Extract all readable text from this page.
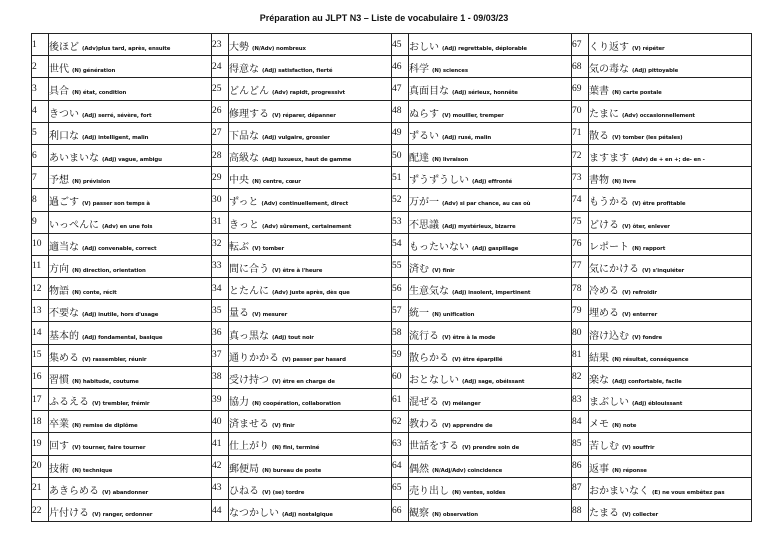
Préparation au JLPT N3 – Liste de vocabulaire 1 - 09/03/23
1	後ほど (Adv)plus tard, après, ensuite	23	大勢 (N/Adv) nombreux	45	おしい (Adj) regrettable, déplorable	67	くり返す (V) répéter
2	世代 (N) génération	24	得意な (Adj) satisfaction, fierté	46	科学 (N) sciences	68	気の毒な (Adj) pittoyable
3	具合 (N) état, condition	25	どんどん (Adv) rapidt, progressivt	47	真面目な (Adj) sérieux, honnête	69	葉書 (N) carte postale
4	きつい (Adj) serré, sévère, fort	26	修理する (V) réparer, dépanner	48	ぬらす (V) mouiller, tremper	70	たまに (Adv) occasionnellement
5	利口な (Adj) intelligent, malin	27	下品な (Adj) vulgaire, grossier	49	ずるい (Adj) rusé, malin	71	散る (V) tomber (les pétales)
6	あいまいな (Adj) vague, ambigu	28	高級な (Adj) luxueux, haut de gamme	50	配達 (N) livraison	72	ますます (Adv) de + en +; de- en -
7	予想 (N) prévision	29	中央 (N) centre, cœur	51	ずうずうしい (Adj) effronté	73	書物 (N) livre
8	過ごす (V) passer son temps à	30	ずっと (Adv) continuellement, direct	52	万が一 (Adv) si par chance, au cas où	74	もうかる (V) être profitable
9	いっぺんに (Adv) en une fois	31	きっと (Adv) sûrement, certainement	53	不思議 (Adj) mystérieux, bizarre	75	どける (V) ôter, enlever
10	適当な (Adj) convenable, correct	32	転ぶ (V) tomber	54	もったいない (Adj) gaspillage	76	レポート (N) rapport
11	方向 (N) direction, orientation	33	間に合う (V) être à l'heure	55	済む (V) finir	77	気にかける (V) s'inquiéter
12	物語 (N) conte, récit	34	とたんに (Adv) juste après, dès que	56	生意気な (Adj) insolent, impertinent	78	冷める (V) refroidir
13	不要な (Adj) inutile, hors d'usage	35	量る (V) mesurer	57	統一 (N) unification	79	埋める (V) enterrer
14	基本的 (Adj) fondamental, basique	36	真っ黒な (Adj) tout noir	58	流行る (V) être à la mode	80	溶け込む (V) fondre
15	集める (V) rassembler, réunir	37	通りかかる (V) passer par hasard	59	散らかる (V) être éparpillé	81	結果 (N) résultat, conséquence
16	習慣 (N) habitude, coutume	38	受け持つ (V) être en charge de	60	おとなしい (Adj) sage, obéissant	82	楽な (Adj) confortable, facile
17	ふるえる (V) trembler, frémir	39	協力 (N) coopération, collaboration	61	混ぜる (V) mélanger	83	まぶしい (Adj) éblouissant
18	卒業 (N) remise de diplôme	40	済ませる (V) finir	62	教わる (V) apprendre de	84	メモ (N) note
19	回す (V) tourner, faire tourner	41	仕上がり (N) fini, terminé	63	世話をする (V) prendre soin de	85	苦しむ (V) souffrir
20	技術 (N) technique	42	郵便局 (N) bureau de poste	64	偶然 (N/Adj/Adv) coïncidence	86	返事 (N) réponse
21	あきらめる (V) abandonner	43	ひねる (V) (se) tordre	65	売り出し (N) ventes, soldes	87	おかまいなく (E) ne vous embêtez pas
22	片付ける (V) ranger, ordonner	44	なつかしい (Adj) nostalgique	66	観察 (N) observation	88	たまる (V) collecter
